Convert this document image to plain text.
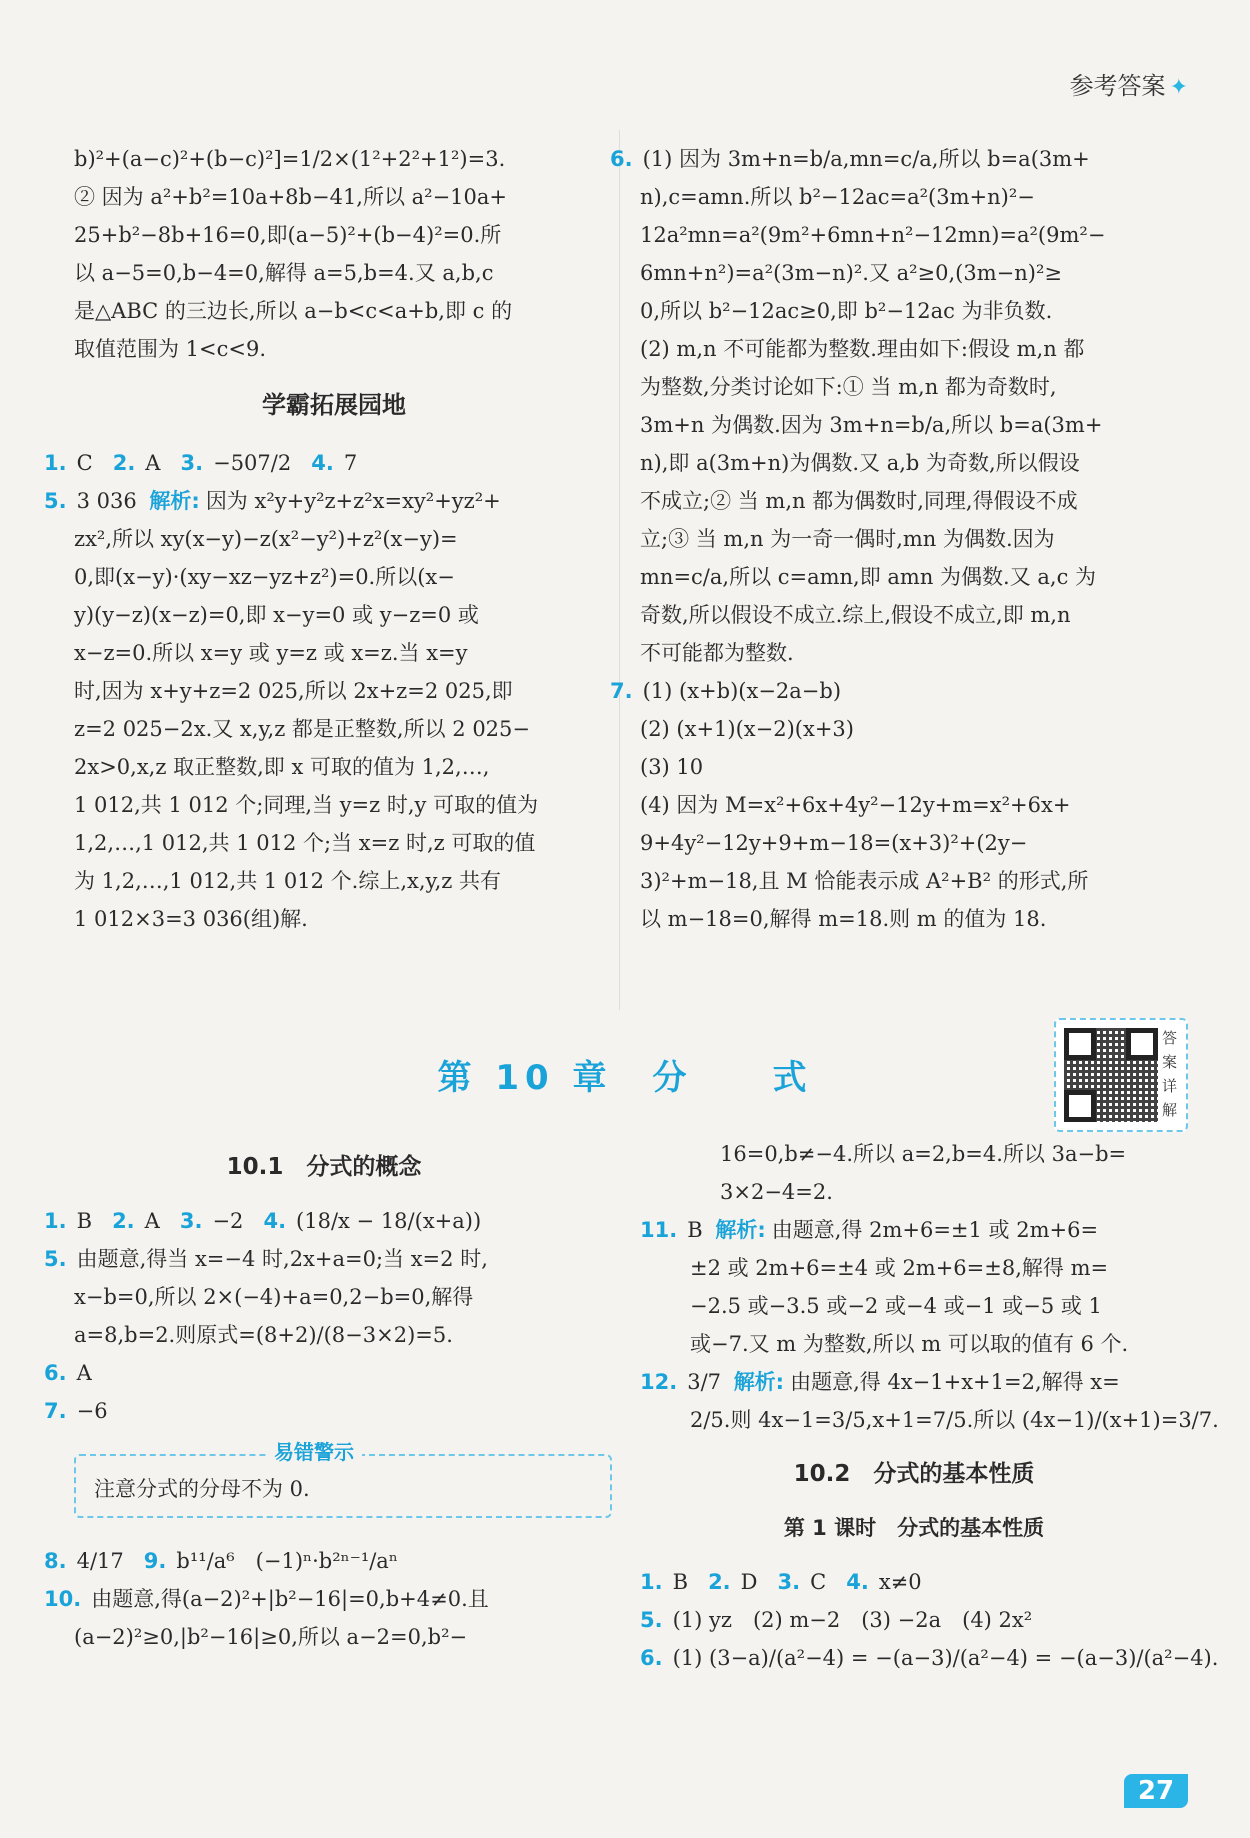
参考答案 ✦
b)²+(a−c)²+(b−c)²]=1/2×(1²+2²+1²)=3.
② 因为 a²+b²=10a+8b−41,所以 a²−10a+
25+b²−8b+16=0,即(a−5)²+(b−4)²=0.所
以 a−5=0,b−4=0,解得 a=5,b=4.又 a,b,c
是△ABC 的三边长,所以 a−b<c<a+b,即 c 的
取值范围为 1<c<9.
学霸拓展园地
1. C 2. A 3. −507/2 4. 7
5. 3 036 解析: 因为 x²y+y²z+z²x=xy²+yz²+
zx²,所以 xy(x−y)−z(x²−y²)+z²(x−y)=
0,即(x−y)·(xy−xz−yz+z²)=0.所以(x−
y)(y−z)(x−z)=0,即 x−y=0 或 y−z=0 或
x−z=0.所以 x=y 或 y=z 或 x=z.当 x=y
时,因为 x+y+z=2 025,所以 2x+z=2 025,即
z=2 025−2x.又 x,y,z 都是正整数,所以 2 025−
2x>0,x,z 取正整数,即 x 可取的值为 1,2,…,
1 012,共 1 012 个;同理,当 y=z 时,y 可取的值为
1,2,…,1 012,共 1 012 个;当 x=z 时,z 可取的值
为 1,2,…,1 012,共 1 012 个.综上,x,y,z 共有
1 012×3=3 036(组)解.
6. (1) 因为 3m+n=b/a,mn=c/a,所以 b=a(3m+
n),c=amn.所以 b²−12ac=a²(3m+n)²−
12a²mn=a²(9m²+6mn+n²−12mn)=a²(9m²−
6mn+n²)=a²(3m−n)².又 a²≥0,(3m−n)²≥
0,所以 b²−12ac≥0,即 b²−12ac 为非负数.
(2) m,n 不可能都为整数.理由如下:假设 m,n 都
为整数,分类讨论如下:① 当 m,n 都为奇数时,
3m+n 为偶数.因为 3m+n=b/a,所以 b=a(3m+
n),即 a(3m+n)为偶数.又 a,b 为奇数,所以假设
不成立;② 当 m,n 都为偶数时,同理,得假设不成
立;③ 当 m,n 为一奇一偶时,mn 为偶数.因为
mn=c/a,所以 c=amn,即 amn 为偶数.又 a,c 为
奇数,所以假设不成立.综上,假设不成立,即 m,n
不可能都为整数.
7. (1) (x+b)(x−2a−b)
(2) (x+1)(x−2)(x+3)
(3) 10
(4) 因为 M=x²+6x+4y²−12y+m=x²+6x+
9+4y²−12y+9+m−18=(x+3)²+(2y−
3)²+m−18,且 M 恰能表示成 A²+B² 的形式,所
以 m−18=0,解得 m=18.则 m 的值为 18.
第 10 章　分　　式
答案详解
10.1　分式的概念
1. B 2. A 3. −2 4. (18/x − 18/(x+a))
5. 由题意,得当 x=−4 时,2x+a=0;当 x=2 时,
x−b=0,所以 2×(−4)+a=0,2−b=0,解得
a=8,b=2.则原式=(8+2)/(8−3×2)=5.
6. A
7. −6
易错警示
注意分式的分母不为 0.
8. 4/17 9. b¹¹/a⁶　(−1)ⁿ·b²ⁿ⁻¹/aⁿ
10. 由题意,得(a−2)²+|b²−16|=0,b+4≠0.且
(a−2)²≥0,|b²−16|≥0,所以 a−2=0,b²−
16=0,b≠−4.所以 a=2,b=4.所以 3a−b=
3×2−4=2.
11. B 解析: 由题意,得 2m+6=±1 或 2m+6=
±2 或 2m+6=±4 或 2m+6=±8,解得 m=
−2.5 或−3.5 或−2 或−4 或−1 或−5 或 1
或−7.又 m 为整数,所以 m 可以取的值有 6 个.
12. 3/7 解析: 由题意,得 4x−1+x+1=2,解得 x=
2/5.则 4x−1=3/5,x+1=7/5.所以 (4x−1)/(x+1)=3/7.
10.2　分式的基本性质
第 1 课时　分式的基本性质
1. B 2. D 3. C 4. x≠0
5. (1) yz　(2) m−2　(3) −2a　(4) 2x²
6. (1) (3−a)/(a²−4) = −(a−3)/(a²−4) = −(a−3)/(a²−4).
27
